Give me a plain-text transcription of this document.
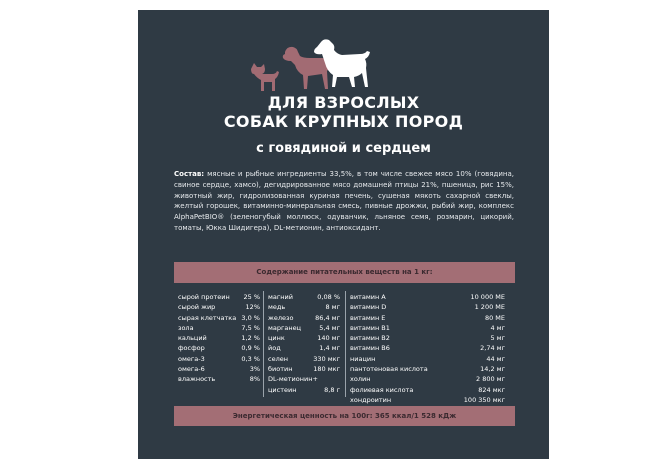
ДЛЯ ВЗРОСЛЫХ
СОБАК КРУПНЫХ ПОРОД
с говядиной и сердцем
Состав: мясные и рыбные ингредиенты 33,5%, в том числе свежее мясо 10% (говядина, свиное сердце, хамсо), дегидрированное мясо домашней птицы 21%, пшеница, рис 15%, животный жир, гидролизованная куриная печень, сушеная мякоть сахарной свеклы, желтый горошек, витаминно-минеральная смесь, пивные дрожжи, рыбий жир, комплекс AlphaPetBIO® (зеленогубый моллюск, одуванчик, льняное семя, розмарин, цикорий, томаты, Юкка Шидигера), DL-метионин, антиоксидант.
Содержание питательных веществ на 1 кг:
сырой протеин 25 %
сырой жир	12%
сырая клетчатка 3,0 %
зола	7,5 %
кальций	1,2 %
фосфор	0,9 %
омега-3	0,3 %
омега-6	3%
влажность	8%
магний	0,08 %
медь	8 мг
железо	86,4 мг
марганец	5,4 мг
цинк	140 мг
йод	1,4 мг
селен	330 мкг
биотин	180 мкг
DL-метионин+
цистеин	8,8 г
витамин А	10 000 МЕ
витамин D	1 200 МЕ
витамин Е	80 МЕ
витамин В1	4 мг
витамин В2	5 мг
витамин В6	2,74 мг
ниацин	44 мг
пантотеновая кислота	14,2 мг
холин	2 800 мг
фолиевая кислота	824 мкг
хондроитин	100 350 мкг
Энергетическая ценность на 100г: 365 ккал/1 528 кДж
